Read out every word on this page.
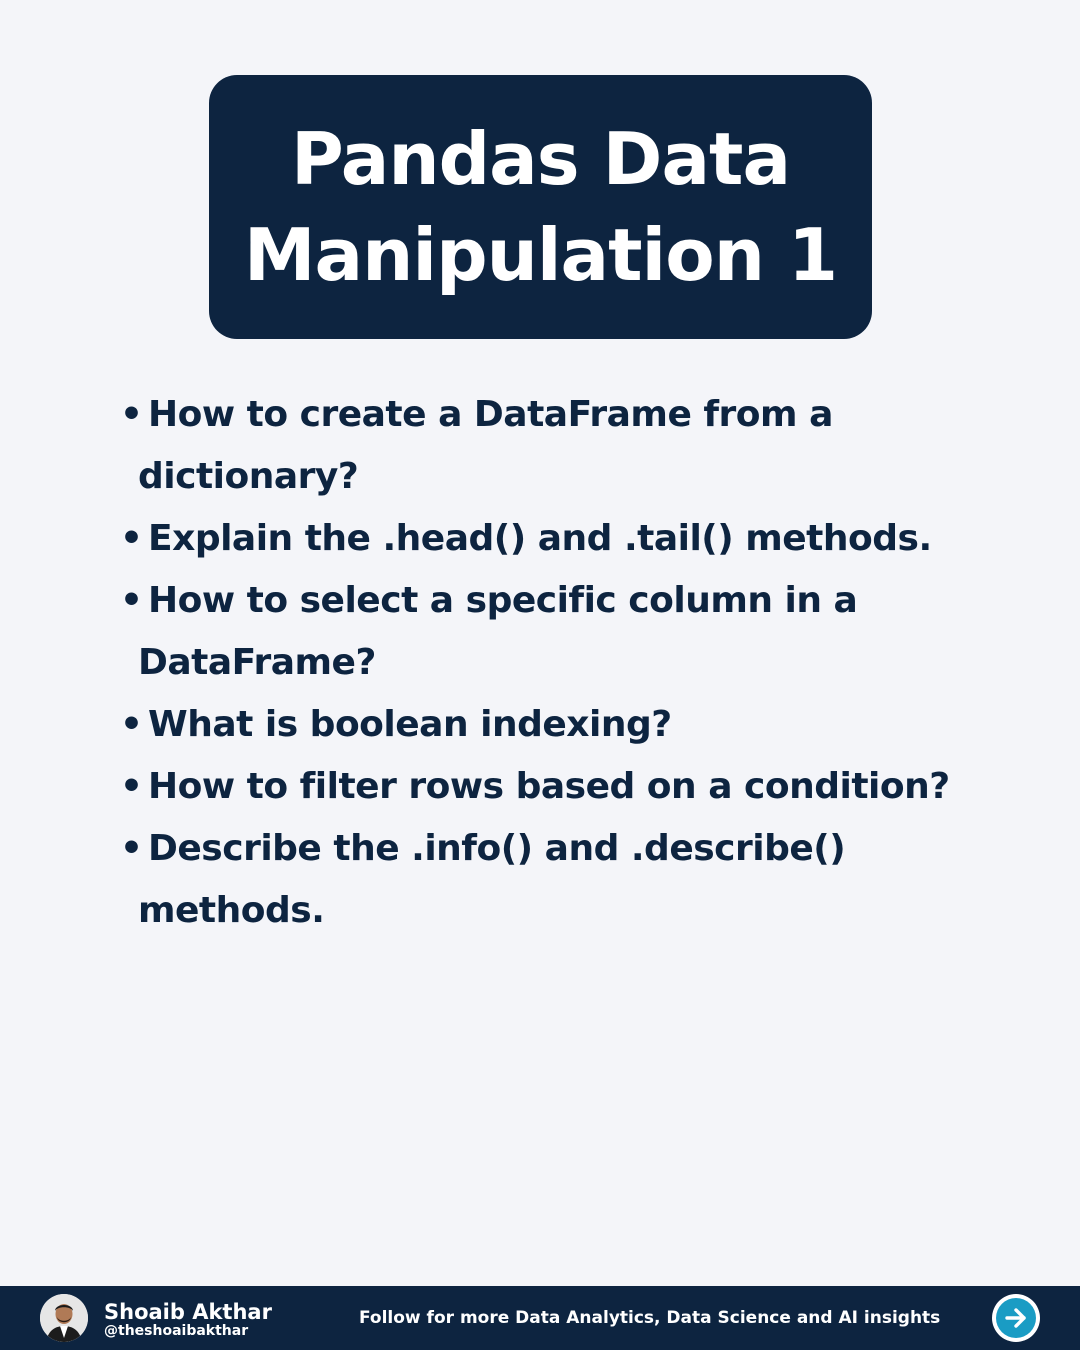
Pandas Data
Manipulation 1
• How to create a DataFrame from a
dictionary?
• Explain the .head() and .tail() methods.
• How to select a specific column in a
DataFrame?
• What is boolean indexing?
• How to filter rows based on a condition?
• Describe the .info() and .describe()
methods.
Shoaib Akthar
@theshoaibakthar
Follow for more Data Analytics, Data Science and AI insights
